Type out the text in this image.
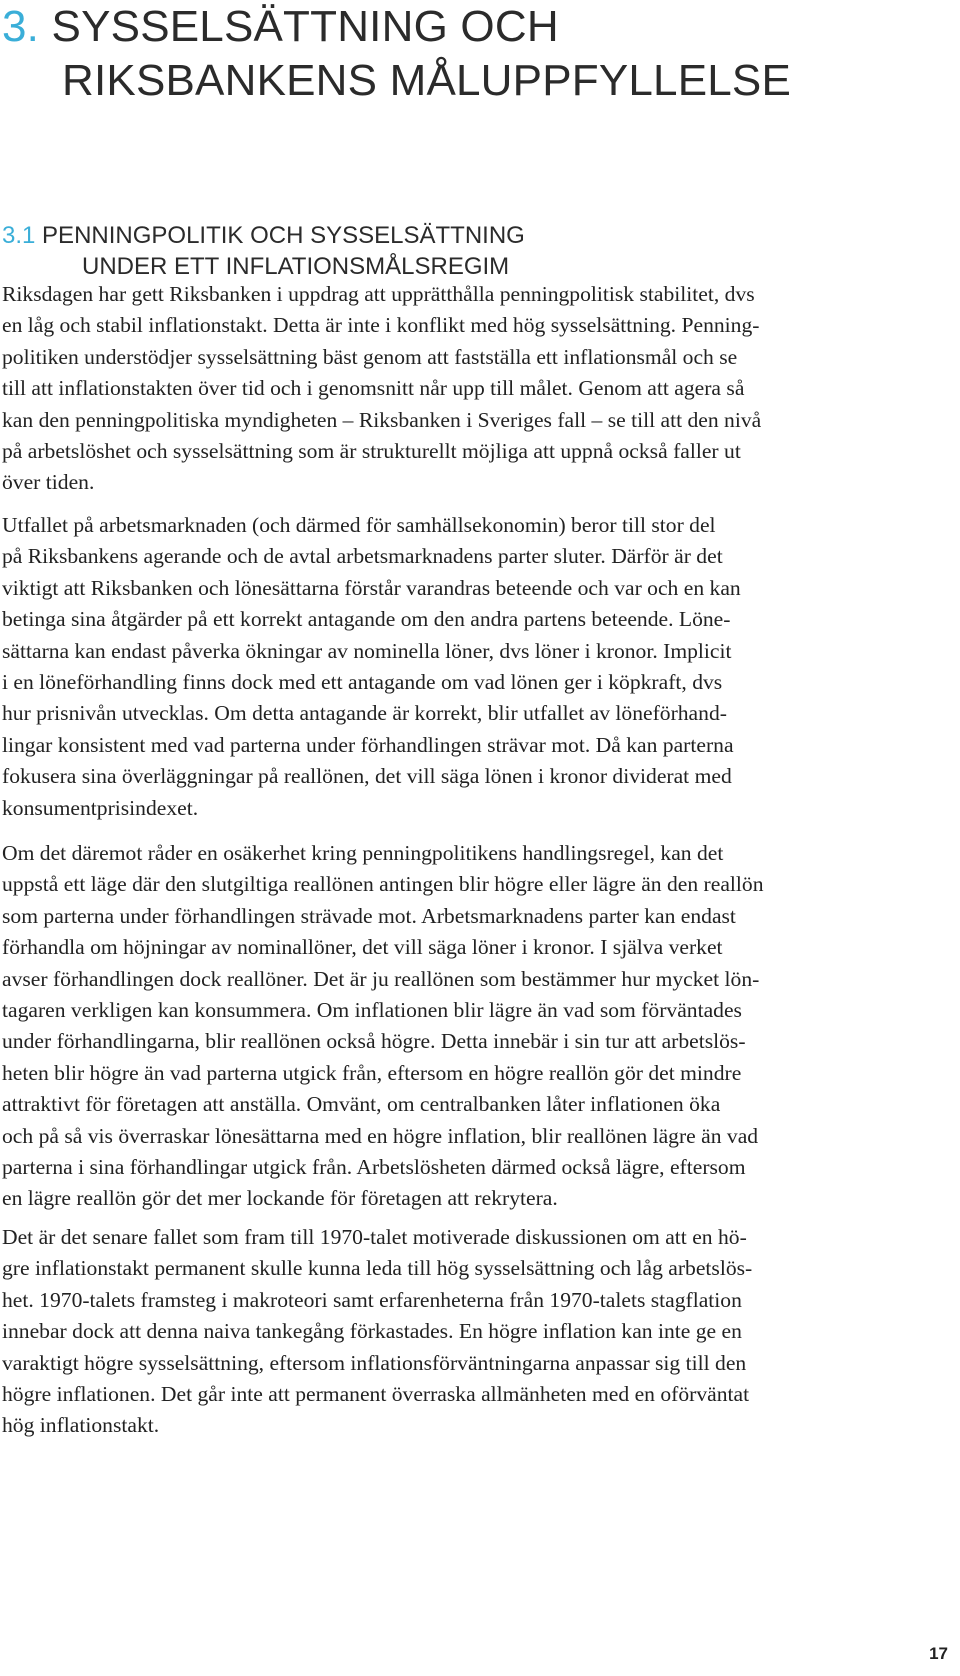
3. SYSSELSÄTTNING OCH
RIKSBANKENS MÅLUPPFYLLELSE
3.1 PENNINGPOLITIK OCH SYSSELSÄTTNING
UNDER ETT INFLATIONSMÅLSREGIM

Riksdagen har gett Riksbanken i uppdrag att upprätthålla penningpolitisk stabilitet, dvs
en låg och stabil inflationstakt. Detta är inte i konflikt med hög sysselsättning. Penning-
politiken understödjer sysselsättning bäst genom att fastställa ett inflationsmål och se
till att inflationstakten över tid och i genomsnitt når upp till målet. Genom att agera så
kan den penningpolitiska myndigheten – Riksbanken i Sveriges fall – se till att den nivå
på arbetslöshet och sysselsättning som är strukturellt möjliga att uppnå också faller ut
över tiden.

Utfallet på arbetsmarknaden (och därmed för samhällsekonomin) beror till stor del
på Riksbankens agerande och de avtal arbetsmarknadens parter sluter. Därför är det
viktigt att Riksbanken och lönesättarna förstår varandras beteende och var och en kan
betinga sina åtgärder på ett korrekt antagande om den andra partens beteende. Löne-
sättarna kan endast påverka ökningar av nominella löner, dvs löner i kronor. Implicit
i en löneförhandling finns dock med ett antagande om vad lönen ger i köpkraft, dvs
hur prisnivån utvecklas. Om detta antagande är korrekt, blir utfallet av löneförhand-
lingar konsistent med vad parterna under förhandlingen strävar mot. Då kan parterna
fokusera sina överläggningar på reallönen, det vill säga lönen i kronor dividerat med
konsumentprisindexet.

Om det däremot råder en osäkerhet kring penningpolitikens handlingsregel, kan det
uppstå ett läge där den slutgiltiga reallönen antingen blir högre eller lägre än den reallön
som parterna under förhandlingen strävade mot. Arbetsmarknadens parter kan endast
förhandla om höjningar av nominallöner, det vill säga löner i kronor. I själva verket
avser förhandlingen dock reallöner. Det är ju reallönen som bestämmer hur mycket lön-
tagaren verkligen kan konsummera. Om inflationen blir lägre än vad som förväntades
under förhandlingarna, blir reallönen också högre. Detta innebär i sin tur att arbetslös-
heten blir högre än vad parterna utgick från, eftersom en högre reallön gör det mindre
attraktivt för företagen att anställa. Omvänt, om centralbanken låter inflationen öka
och på så vis överraskar lönesättarna med en högre inflation, blir reallönen lägre än vad
parterna i sina förhandlingar utgick från. Arbetslösheten därmed också lägre, eftersom
en lägre reallön gör det mer lockande för företagen att rekrytera.

Det är det senare fallet som fram till 1970-talet motiverade diskussionen om att en hö-
gre inflationstakt permanent skulle kunna leda till hög sysselsättning och låg arbetslös-
het. 1970-talets framsteg i makroteori samt erfarenheterna från 1970-talets stagflation
innebar dock att denna naiva tankegång förkastades. En högre inflation kan inte ge en
varaktigt högre sysselsättning, eftersom inflationsförväntningarna anpassar sig till den
högre inflationen. Det går inte att permanent överraska allmänheten med en oförväntat
hög inflationstakt.

17
